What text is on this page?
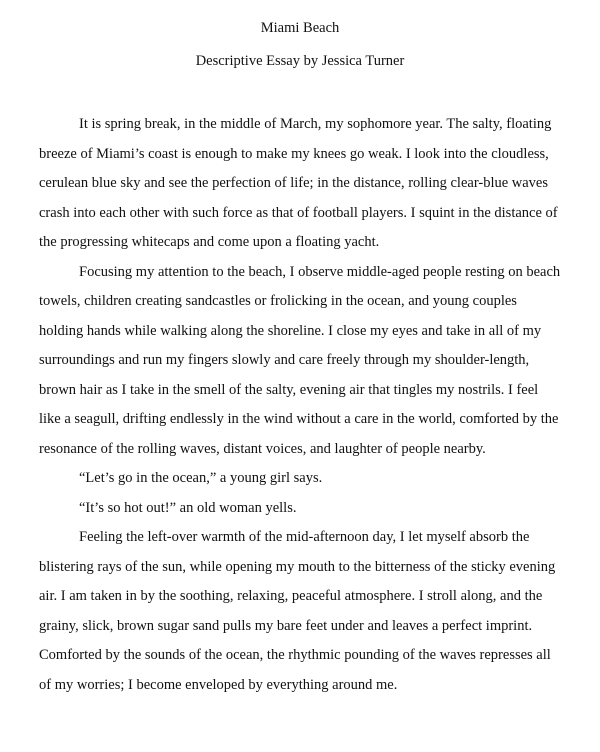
Miami Beach
Descriptive Essay by Jessica Turner

It is spring break, in the middle of March, my sophomore year. The salty, floating breeze of Miami’s coast is enough to make my knees go weak. I look into the cloudless, cerulean blue sky and see the perfection of life; in the distance, rolling clear-blue waves crash into each other with such force as that of football players. I squint in the distance of the progressing whitecaps and come upon a floating yacht.

Focusing my attention to the beach, I observe middle-aged people resting on beach towels, children creating sandcastles or frolicking in the ocean, and young couples holding hands while walking along the shoreline. I close my eyes and take in all of my surroundings and run my fingers slowly and care freely through my shoulder-length, brown hair as I take in the smell of the salty, evening air that tingles my nostrils. I feel like a seagull, drifting endlessly in the wind without a care in the world, comforted by the resonance of the rolling waves, distant voices, and laughter of people nearby.

“Let’s go in the ocean,” a young girl says.

“It’s so hot out!” an old woman yells.

Feeling the left-over warmth of the mid-afternoon day, I let myself absorb the blistering rays of the sun, while opening my mouth to the bitterness of the sticky evening air. I am taken in by the soothing, relaxing, peaceful atmosphere. I stroll along, and the grainy, slick, brown sugar sand pulls my bare feet under and leaves a perfect imprint. Comforted by the sounds of the ocean, the rhythmic pounding of the waves represses all of my worries; I become enveloped by everything around me.
